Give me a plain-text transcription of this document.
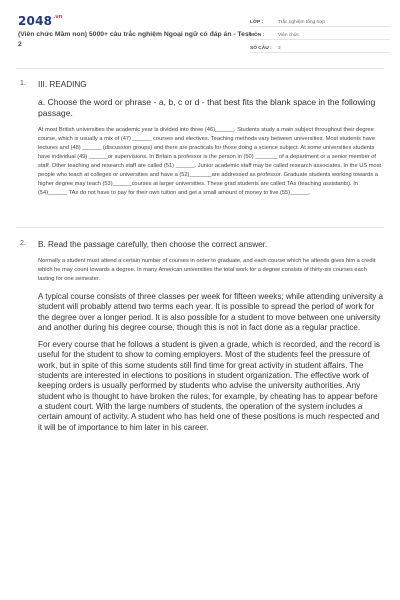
$2048^{.vn}$
(Viên chức Mầm non) 5000+ câu trắc nghiệm Ngoại ngữ có đáp án - Test 2
LỚP :	Trắc nghiệm tổng hợp
MÔN :	Viên chức
SỐ CÂU :	2
1. III. READING

a. Choose the word or phrase - a, b, c or d - that best fits the blank space in the following passage.

At most British universities the academic year is divided into three (46)______. Students study a main subject throughout their degree course, which is usually a mix of (47) ______ courses and electives. Teaching methods vary between universities. Most students have lectures and (48) ______ (discussion groups) and there are practicals for those doing a science subject. At some universities students have individual (49) ______or supervisions. In Britain a professor is the person in (50) _______ of a department or a senior member of staff. Other teaching and research staff are called (51) ______. Junior academic staff may be called research associates. In the US most people who teach at colleges or universities and have a (52)_______are addressed as professor. Graduate students working towards a higher degree may teach (53)______courses at larger universities. These grad students are called TAs (teaching assistants). In (54)______ TAs do not have to pay for their own tuition and get a small amount of money to live (55)______.

2. B. Read the passage carefully, then choose the correct answer.

Normally a student must attend a certain number of courses in order to graduate, and each course which he attends gives him a credit which he may count towards a degree. In many American universities the total work for a degree consists of thirty-six courses each lasting for one semester.

A typical course consists of three classes per week for fifteen weeks; while attending university a student will probably attend two terms each year. It is possible to spread the period of work for the degree over a longer period. It is also possible for a student to move between one university and another during his degree course, though this is not in fact done as a regular practice.

For every course that he follows a student is given a grade, which is recorded, and the record is useful for the student to show to coming employers. Most of the students feel the pressure of work, but in spite of this some students still find time for great activity in student affairs. The students are interested in elections to positions in student organization. The effective work of keeping orders is usually performed by students who advise the university authorities. Any student who is thought to have broken the rules, for example, by cheating has to appear before a student court. With the large numbers of students, the operation of the system includes a certain amount of activity. A student who has held one of these positions is much respected and it will be of importance to him later in his career.
